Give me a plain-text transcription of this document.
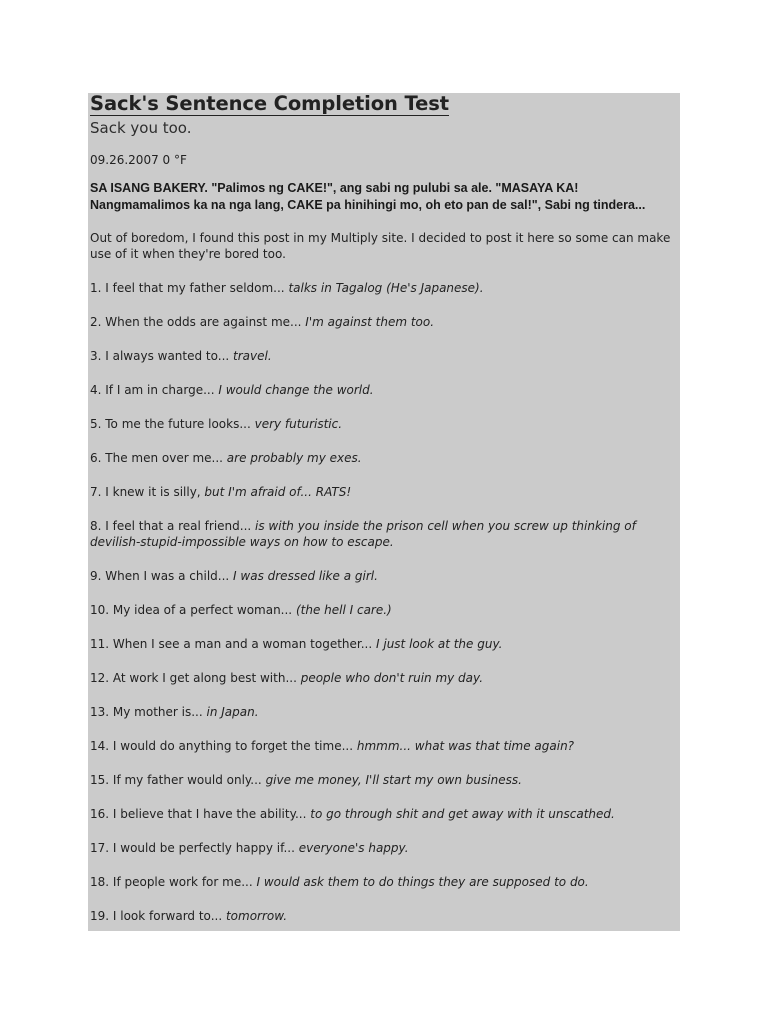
Sack's Sentence Completion Test
Sack you too.
09.26.2007 0 °F
SA ISANG BAKERY. "Palimos ng CAKE!", ang sabi ng pulubi sa ale. "MASAYA KA! Nangmamalimos ka na nga lang, CAKE pa hinihingi mo, oh eto pan de sal!", Sabi ng tindera...
Out of boredom, I found this post in my Multiply site. I decided to post it here so some can make use of it when they're bored too.
1. I feel that my father seldom... talks in Tagalog (He's Japanese).
2. When the odds are against me... I'm against them too.
3. I always wanted to... travel.
4. If I am in charge... I would change the world.
5. To me the future looks... very futuristic.
6. The men over me... are probably my exes.
7. I knew it is silly, but I'm afraid of... RATS!
8. I feel that a real friend... is with you inside the prison cell when you screw up thinking of devilish-stupid-impossible ways on how to escape.
9. When I was a child... I was dressed like a girl.
10. My idea of a perfect woman... (the hell I care.)
11. When I see a man and a woman together... I just look at the guy.
12. At work I get along best with... people who don't ruin my day.
13. My mother is... in Japan.
14. I would do anything to forget the time... hmmm... what was that time again?
15. If my father would only... give me money, I'll start my own business.
16. I believe that I have the ability... to go through shit and get away with it unscathed.
17. I would be perfectly happy if... everyone's happy.
18. If people work for me... I would ask them to do things they are supposed to do.
19. I look forward to... tomorrow.
